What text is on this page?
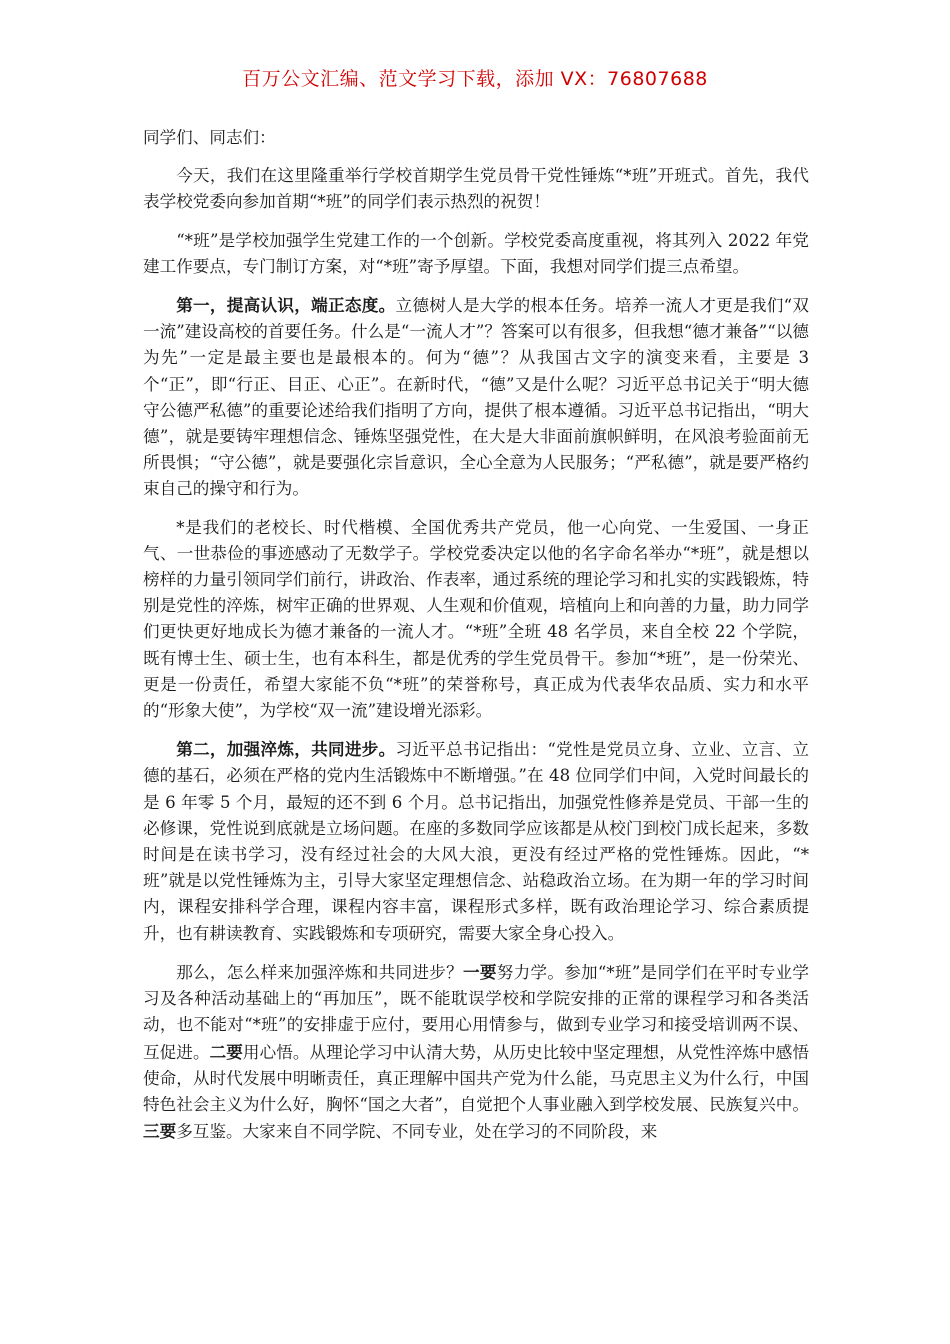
百万公文汇编、范文学习下载，添加 VX：76807688

同学们、同志们：

今天，我们在这里隆重举行学校首期学生党员骨干党性锤炼“*班”开班式。首先，我代表学校党委向参加首期“*班”的同学们表示热烈的祝贺！

“*班”是学校加强学生党建工作的一个创新。学校党委高度重视，将其列入 2022 年党建工作要点，专门制订方案，对“*班”寄予厚望。下面，我想对同学们提三点希望。

第一，提高认识，端正态度。立德树人是大学的根本任务。培养一流人才更是我们“双一流”建设高校的首要任务。什么是“一流人才”？答案可以有很多，但我想“德才兼备”“以德为先”一定是最主要也是最根本的。何为“德”？从我国古文字的演变来看，主要是 3 个“正”，即“行正、目正、心正”。在新时代，“德”又是什么呢？习近平总书记关于“明大德守公德严私德”的重要论述给我们指明了方向，提供了根本遵循。习近平总书记指出，“明大德”，就是要铸牢理想信念、锤炼坚强党性，在大是大非面前旗帜鲜明，在风浪考验面前无所畏惧；“守公德”，就是要强化宗旨意识，全心全意为人民服务；“严私德”，就是要严格约束自己的操守和行为。

*是我们的老校长、时代楷模、全国优秀共产党员，他一心向党、一生爱国、一身正气、一世恭俭的事迹感动了无数学子。学校党委决定以他的名字命名举办“*班”，就是想以榜样的力量引领同学们前行，讲政治、作表率，通过系统的理论学习和扎实的实践锻炼，特别是党性的淬炼，树牢正确的世界观、人生观和价值观，培植向上和向善的力量，助力同学们更快更好地成长为德才兼备的一流人才。“*班”全班 48 名学员，来自全校 22 个学院，既有博士生、硕士生，也有本科生，都是优秀的学生党员骨干。参加“*班”，是一份荣光、更是一份责任，希望大家能不负“*班”的荣誉称号，真正成为代表华农品质、实力和水平的“形象大使”，为学校“双一流”建设增光添彩。

第二，加强淬炼，共同进步。习近平总书记指出：“党性是党员立身、立业、立言、立德的基石，必须在严格的党内生活锻炼中不断增强。”在 48 位同学们中间，入党时间最长的是 6 年零 5 个月，最短的还不到 6 个月。总书记指出，加强党性修养是党员、干部一生的必修课，党性说到底就是立场问题。在座的多数同学应该都是从校门到校门成长起来，多数时间是在读书学习，没有经过社会的大风大浪，更没有经过严格的党性锤炼。因此，“*班”就是以党性锤炼为主，引导大家坚定理想信念、站稳政治立场。在为期一年的学习时间内，课程安排科学合理，课程内容丰富，课程形式多样，既有政治理论学习、综合素质提升，也有耕读教育、实践锻炼和专项研究，需要大家全身心投入。

那么，怎么样来加强淬炼和共同进步？一要努力学。参加“*班”是同学们在平时专业学习及各种活动基础上的“再加压”，既不能耽误学校和学院安排的正常的课程学习和各类活动，也不能对“*班”的安排虚于应付，要用心用情参与，做到专业学习和接受培训两不误、互促进。二要用心悟。从理论学习中认清大势，从历史比较中坚定理想，从党性淬炼中感悟使命，从时代发展中明晰责任，真正理解中国共产党为什么能，马克思主义为什么行，中国特色社会主义为什么好，胸怀“国之大者”，自觉把个人事业融入到学校发展、民族复兴中。三要多互鉴。大家来自不同学院、不同专业，处在学习的不同阶段，来
